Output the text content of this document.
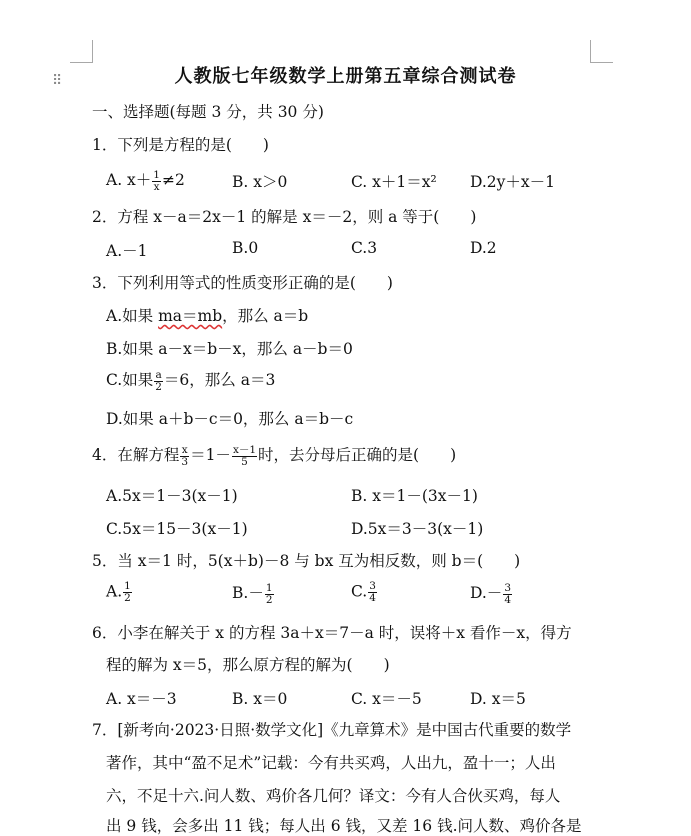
⠿	人教版七年级数学上册第五章综合测试卷
一、选择题(每题 3 分，共 30 分)
1．下列是方程的是(　　)
A. $x+ \frac{1}{x} \ne 2$	B. x＞0	C. x＋1＝x² D.2y＋x－1
2．方程 x－a＝2x－1 的解是 x＝－2，则 a 等于(　　)
A.－1	B.0	C.3	D.2
3．下列利用等式的性质变形正确的是(　　)
A.如果 ma＝mb，那么 a＝b
B.如果 a－x＝b－x，那么 a－b＝0
C.如果 $\frac{a}{2} =6$，那么 a＝3
D.如果 a＋b－c＝0，那么 a＝b－c
4．在解方程 $\frac{x}{3} =1- \frac{x-1}{5}$ 时，去分母后正确的是(　　)
A.5x＝1－3(x－1)	B. x＝1－(3x－1)
C.5x＝15－3(x－1)	D.5x＝3－3(x－1)
5．当 x＝1 时，5(x＋b)－8 与 bx 互为相反数，则 b＝(　　)
A. $\frac{1}{2}$	$B.- \frac{1}{2}$	C. $\frac{3}{4}$	$D.- \frac{3}{4}$
6．小李在解关于 x 的方程 3a＋x＝7－a 时，误将＋x 看作－x，得方
程的解为 x＝5，那么原方程的解为(　　)
A. x＝－3	B. x＝0	C. x＝－5	D. x＝5
7．[新考向·2023·日照·数学文化]《九章算术》是中国古代重要的数学
著作，其中“盈不足术”记载：今有共买鸡，人出九，盈十一；人出
六，不足十六.问人数、鸡价各几何？译文：今有人合伙买鸡，每人
出 9 钱，会多出 11 钱；每人出 6 钱，又差 16 钱.问人数、鸡价各是
